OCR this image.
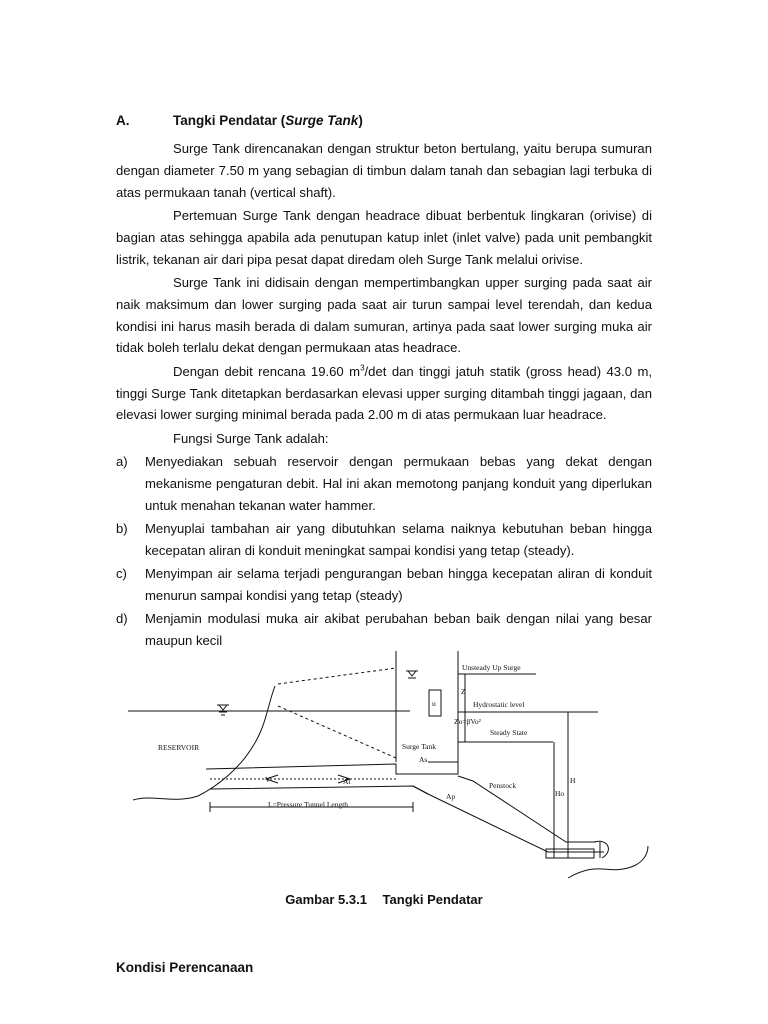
A.	Tangki Pendatar (Surge Tank)

Surge Tank direncanakan dengan struktur beton bertulang, yaitu berupa sumuran dengan diameter 7.50 m yang sebagian di timbun dalam tanah dan sebagian lagi terbuka di atas permukaan tanah (vertical shaft).

Pertemuan Surge Tank dengan headrace dibuat berbentuk lingkaran (orivise) di bagian atas sehingga apabila ada penutupan katup inlet (inlet valve) pada unit pembangkit listrik, tekanan air dari pipa pesat dapat diredam oleh Surge Tank melalui orivise.

Surge Tank ini didisain dengan mempertimbangkan upper surging pada saat air naik maksimum dan lower surging pada saat air turun sampai level terendah, dan kedua kondisi ini harus masih berada di dalam sumuran, artinya pada saat lower surging muka air tidak boleh terlalu dekat dengan permukaan atas headrace.

Dengan debit rencana 19.60 $m^3/\det$ dan tinggi jatuh statik (gross head) 43.0 m, tinggi Surge Tank ditetapkan berdasarkan elevasi upper surging ditambah tinggi jagaan, dan elevasi lower surging minimal berada pada 2.00 m di atas permukaan luar headrace.

Fungsi Surge Tank adalah:

a) Menyediakan sebuah reservoir dengan permukaan bebas yang dekat dengan mekanisme pengaturan debit. Hal ini akan memotong panjang konduit yang diperlukan untuk menahan tekanan water hammer.
b) Menyuplai tambahan air yang dibutuhkan selama naiknya kebutuhan beban hingga kecepatan aliran di konduit meningkat sampai kondisi yang tetap (steady).
c) Menyimpan air selama terjadi pengurangan beban hingga kecepatan aliran di konduit menurun sampai kondisi yang tetap (steady)
d) Menjamin modulasi muka air akibat perubahan beban baik dengan nilai yang besar maupun kecil
Unsteady Up Surge
Z
Hydrostatic level
Zo=βVo²
Steady State
Surge Tank
As
RESERVOIR
V	At
L=Pressure Tunnel Length
Penstock
Ap
H
Ho
u
Gambar 5.3.1 Tangki Pendatar
Kondisi Perencanaan
